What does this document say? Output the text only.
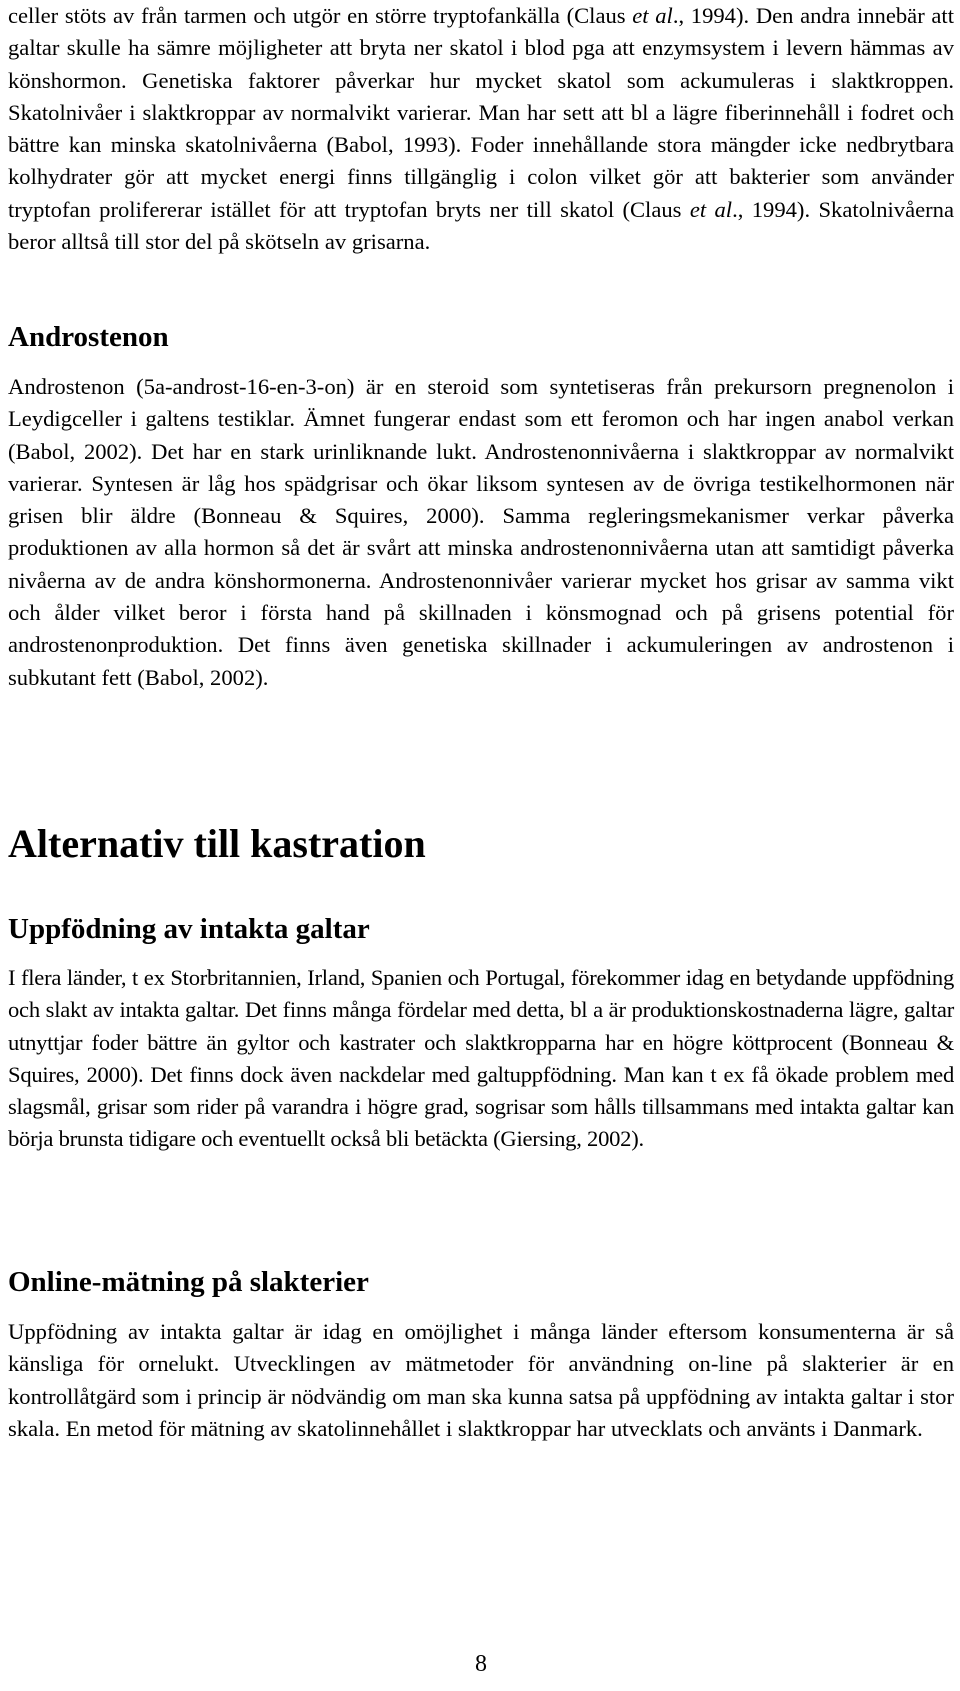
celler stöts av från tarmen och utgör en större tryptofankälla (Claus et al., 1994). Den andra innebär att galtar skulle ha sämre möjligheter att bryta ner skatol i blod pga att enzymsystem i levern hämmas av könshormon. Genetiska faktorer påverkar hur mycket skatol som ackumuleras i slaktkroppen. Skatolnivåer i slaktkroppar av normalvikt varierar. Man har sett att bl a lägre fiberinnehåll i fodret och bättre kan minska skatolnivåerna (Babol, 1993). Foder innehållande stora mängder icke nedbrytbara kolhydrater gör att mycket energi finns tillgänglig i colon vilket gör att bakterier som använder tryptofan prolifererar istället för att tryptofan bryts ner till skatol (Claus et al., 1994). Skatolnivåerna beror alltså till stor del på skötseln av grisarna.

Androstenon

Androstenon (5a-androst-16-en-3-on) är en steroid som syntetiseras från prekursorn pregnenolon i Leydigceller i galtens testiklar. Ämnet fungerar endast som ett feromon och har ingen anabol verkan (Babol, 2002). Det har en stark urinliknande lukt. Androstenonnivåerna i slaktkroppar av normalvikt varierar. Syntesen är låg hos spädgrisar och ökar liksom syntesen av de övriga testikelhormonen när grisen blir äldre (Bonneau & Squires, 2000). Samma regleringsmekanismer verkar påverka produktionen av alla hormon så det är svårt att minska androstenonnivåerna utan att samtidigt påverka nivåerna av de andra könshormonerna. Androstenonnivåer varierar mycket hos grisar av samma vikt och ålder vilket beror i första hand på skillnaden i könsmognad och på grisens potential för androstenonproduktion. Det finns även genetiska skillnader i ackumuleringen av androstenon i subkutant fett (Babol, 2002).

Alternativ till kastration
Uppfödning av intakta galtar

I flera länder, t ex Storbritannien, Irland, Spanien och Portugal, förekommer idag en betydande uppfödning och slakt av intakta galtar. Det finns många fördelar med detta, bl a är produktionskostnaderna lägre, galtar utnyttjar foder bättre än gyltor och kastrater och slaktkropparna har en högre köttprocent (Bonneau & Squires, 2000). Det finns dock även nackdelar med galtuppfödning. Man kan t ex få ökade problem med slagsmål, grisar som rider på varandra i högre grad, sogrisar som hålls tillsammans med intakta galtar kan börja brunsta tidigare och eventuellt också bli betäckta (Giersing, 2002).

Online-mätning på slakterier

Uppfödning av intakta galtar är idag en omöjlighet i många länder eftersom konsumenterna är så känsliga för ornelukt. Utvecklingen av mätmetoder för användning on-line på slakterier är en kontrollåtgärd som i princip är nödvändig om man ska kunna satsa på uppfödning av intakta galtar i stor skala. En metod för mätning av skatolinnehållet i slaktkroppar har utvecklats och använts i Danmark.

8
